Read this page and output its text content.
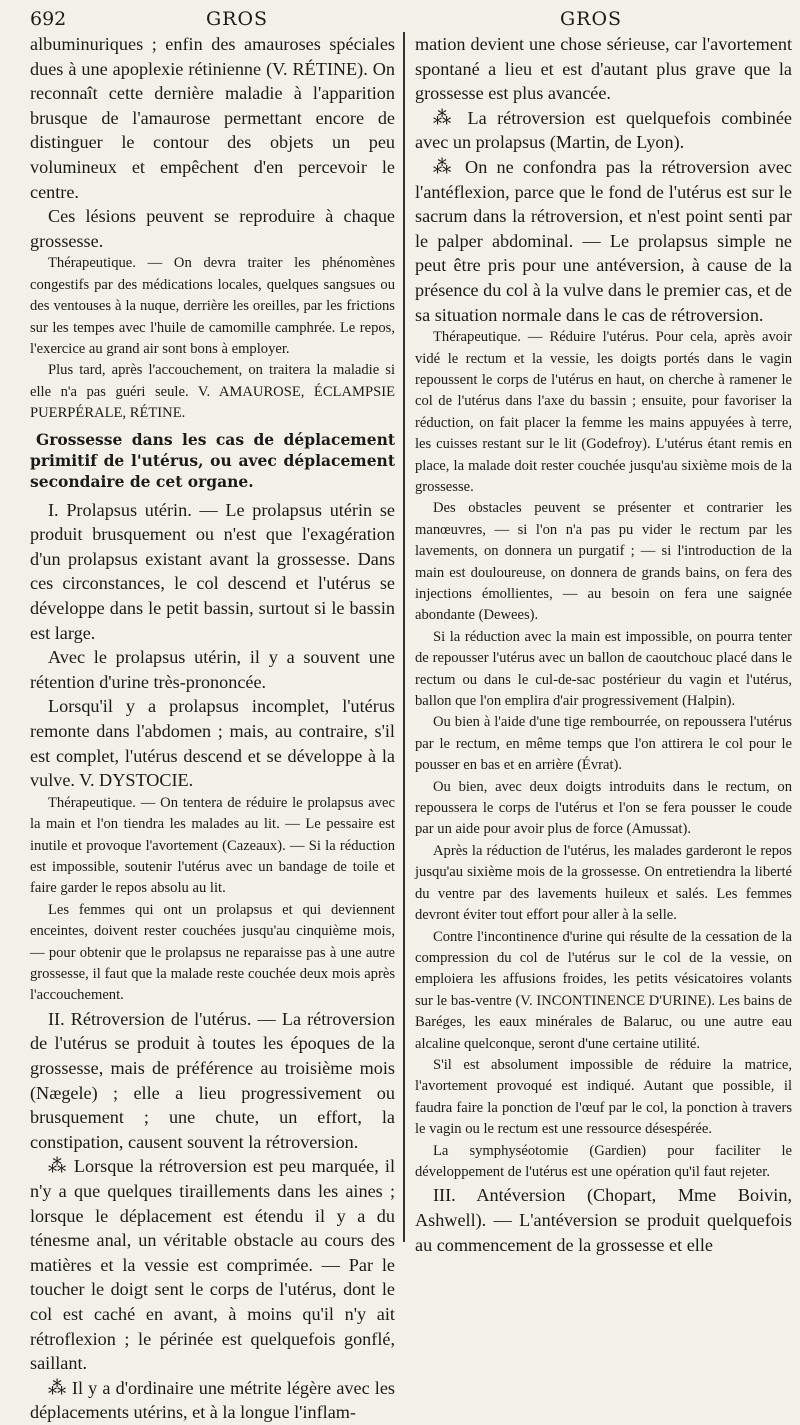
692	GROS	GROS

albuminuriques ; enfin des amauroses spéciales dues à une apoplexie rétinienne (V. RÉTINE). On reconnaît cette dernière maladie à l'apparition brusque de l'amaurose permettant encore de distinguer le contour des objets un peu volumineux et empêchent d'en percevoir le centre.

Ces lésions peuvent se reproduire à chaque grossesse.

Thérapeutique. — On devra traiter les phénomènes congestifs par des médications locales, quelques sangsues ou des ventouses à la nuque, derrière les oreilles, par les frictions sur les tempes avec l'huile de camomille camphrée. Le repos, l'exercice au grand air sont bons à employer.

Plus tard, après l'accouchement, on traitera la maladie si elle n'a pas guéri seule. V. AMAUROSE, ÉCLAMPSIE PUERPÉRALE, RÉTINE.

Grossesse dans les cas de déplacement primitif de l'utérus, ou avec déplacement secondaire de cet organe.

I. Prolapsus utérin. — Le prolapsus utérin se produit brusquement ou n'est que l'exagération d'un prolapsus existant avant la grossesse. Dans ces circonstances, le col descend et l'utérus se développe dans le petit bassin, surtout si le bassin est large.

Avec le prolapsus utérin, il y a souvent une rétention d'urine très-prononcée.

Lorsqu'il y a prolapsus incomplet, l'utérus remonte dans l'abdomen ; mais, au contraire, s'il est complet, l'utérus descend et se développe à la vulve. V. DYSTOCIE.

Thérapeutique. — On tentera de réduire le prolapsus avec la main et l'on tiendra les malades au lit. — Le pessaire est inutile et provoque l'avortement (Cazeaux). — Si la réduction est impossible, soutenir l'utérus avec un bandage de toile et faire garder le repos absolu au lit.

Les femmes qui ont un prolapsus et qui deviennent enceintes, doivent rester couchées jusqu'au cinquième mois, — pour obtenir que le prolapsus ne reparaisse pas à une autre grossesse, il faut que la malade reste couchée deux mois après l'accouchement.

II. Rétroversion de l'utérus. — La rétroversion de l'utérus se produit à toutes les époques de la grossesse, mais de préférence au troisième mois (Nægele) ; elle a lieu progressivement ou brusquement ; une chute, un effort, la constipation, causent souvent la rétroversion.

⁂ Lorsque la rétroversion est peu marquée, il n'y a que quelques tiraillements dans les aines ; lorsque le déplacement est étendu il y a du ténesme anal, un véritable obstacle au cours des matières et la vessie est comprimée. — Par le toucher le doigt sent le corps de l'utérus, dont le col est caché en avant, à moins qu'il n'y ait rétroflexion ; le périnée est quelquefois gonflé, saillant.

⁂ Il y a d'ordinaire une métrite légère avec les déplacements utérins, et à la longue l'inflam-

mation devient une chose sérieuse, car l'avortement spontané a lieu et est d'autant plus grave que la grossesse est plus avancée.

⁂ La rétroversion est quelquefois combinée avec un prolapsus (Martin, de Lyon).

⁂ On ne confondra pas la rétroversion avec l'antéflexion, parce que le fond de l'utérus est sur le sacrum dans la rétroversion, et n'est point senti par le palper abdominal. — Le prolapsus simple ne peut être pris pour une antéversion, à cause de la présence du col à la vulve dans le premier cas, et de sa situation normale dans le cas de rétroversion.

Thérapeutique. — Réduire l'utérus. Pour cela, après avoir vidé le rectum et la vessie, les doigts portés dans le vagin repoussent le corps de l'utérus en haut, on cherche à ramener le col de l'utérus dans l'axe du bassin ; ensuite, pour favoriser la réduction, on fait placer la femme les mains appuyées à terre, les cuisses restant sur le lit (Godefroy). L'utérus étant remis en place, la malade doit rester couchée jusqu'au sixième mois de la grossesse.

Des obstacles peuvent se présenter et contrarier les manœuvres, — si l'on n'a pas pu vider le rectum par les lavements, on donnera un purgatif ; — si l'introduction de la main est douloureuse, on donnera de grands bains, on fera des injections émollientes, — au besoin on fera une saignée abondante (Dewees).

Si la réduction avec la main est impossible, on pourra tenter de repousser l'utérus avec un ballon de caoutchouc placé dans le rectum ou dans le cul-de-sac postérieur du vagin et l'utérus, ballon que l'on emplira d'air progressivement (Halpin).

Ou bien à l'aide d'une tige rembourrée, on repoussera l'utérus par le rectum, en même temps que l'on attirera le col pour le pousser en bas et en arrière (Évrat).

Ou bien, avec deux doigts introduits dans le rectum, on repoussera le corps de l'utérus et l'on se fera pousser le coude par un aide pour avoir plus de force (Amussat).

Après la réduction de l'utérus, les malades garderont le repos jusqu'au sixième mois de la grossesse. On entretiendra la liberté du ventre par des lavements huileux et salés. Les femmes devront éviter tout effort pour aller à la selle.

Contre l'incontinence d'urine qui résulte de la cessation de la compression du col de l'utérus sur le col de la vessie, on emploiera les affusions froides, les petits vésicatoires volants sur le bas-ventre (V. INCONTINENCE D'URINE). Les bains de Baréges, les eaux minérales de Balaruc, ou une autre eau alcaline quelconque, seront d'une certaine utilité.

S'il est absolument impossible de réduire la matrice, l'avortement provoqué est indiqué. Autant que possible, il faudra faire la ponction de l'œuf par le col, la ponction à travers le vagin ou le rectum est une ressource désespérée.

La symphyséotomie (Gardien) pour faciliter le développement de l'utérus est une opération qu'il faut rejeter.

III. Antéversion (Chopart, Mme Boivin, Ashwell). — L'antéversion se produit quelquefois au commencement de la grossesse et elle
